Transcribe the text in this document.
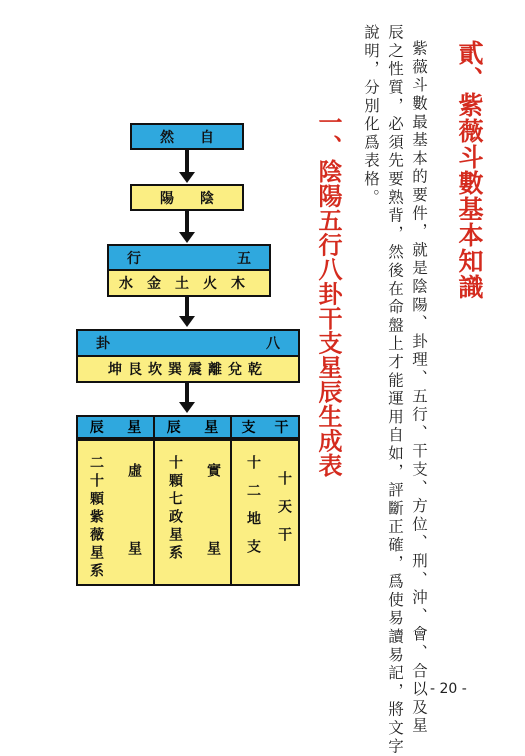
貳、紫薇斗數基本知識
紫薇斗數最基本的要件，就是陰陽、卦理、五行、干支、方位、刑、沖、會、合以及星
辰之性質，必須先要熟背，然後在命盤上才能運用自如，評斷正確，爲使易讀易記，將文字
說明，分別化爲表格。
一、陰陽五行八卦干支星辰生成表
然 自
陽 陰
行	五
水金土火木
卦	八
坤艮坎巽震離兌乾
辰 星 辰 星 支 干
二十顆紫薇星系 虛
星 十顆七政星系 實
星 十二地支 十天干
- 20 -
